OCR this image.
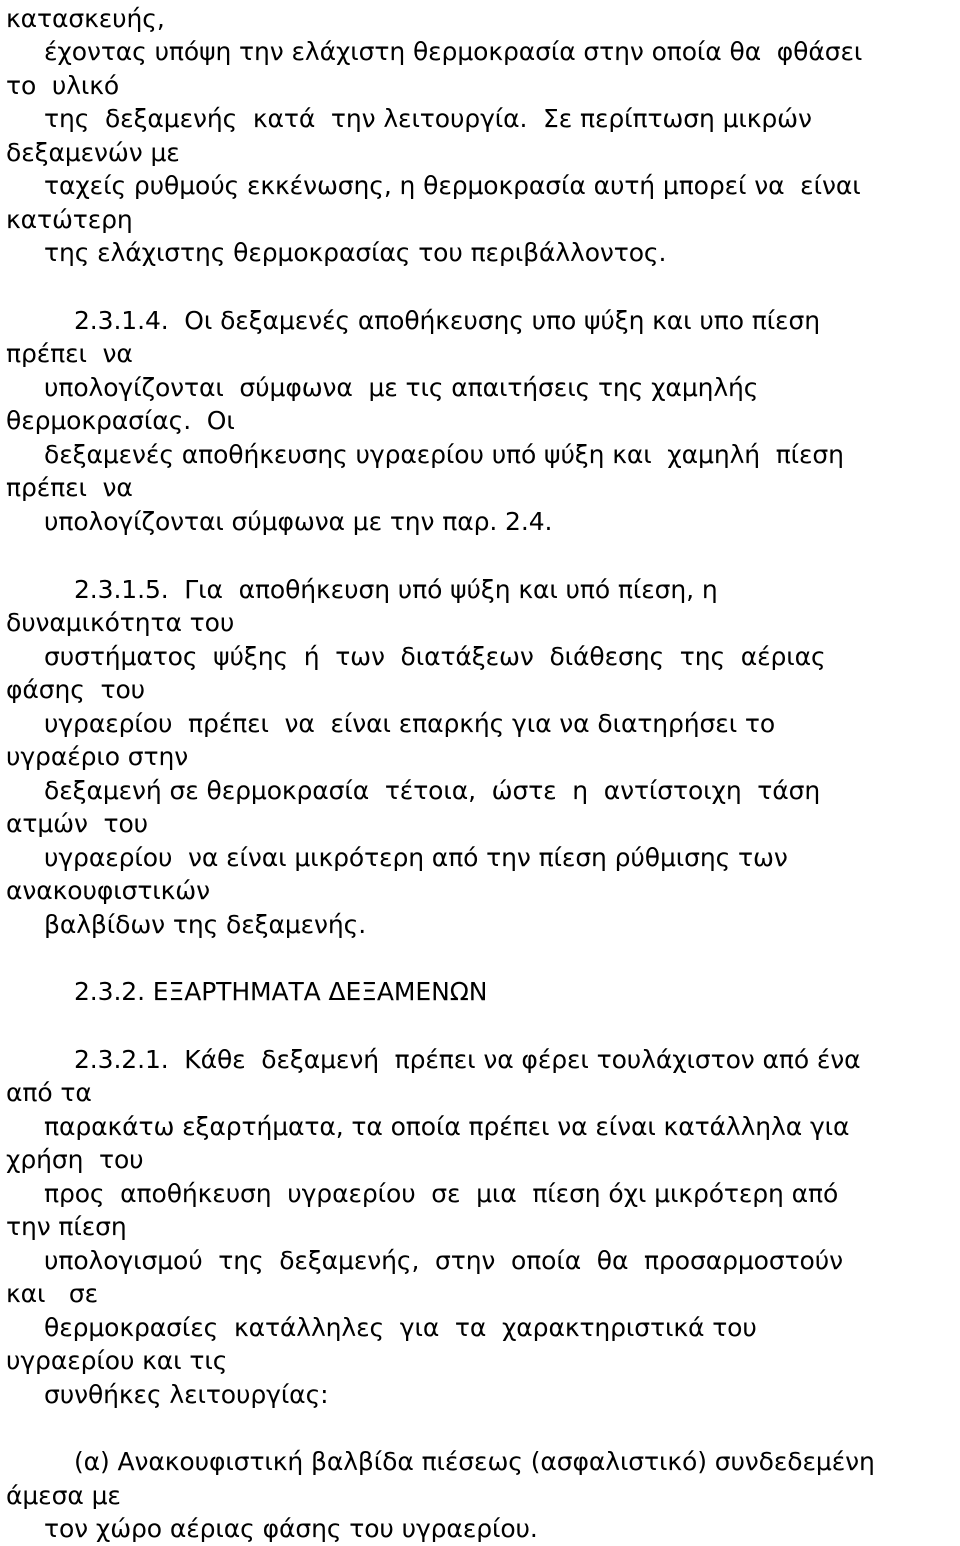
κατασκευής,
έχοντας υπόψη την ελάχιστη θερμοκρασία στην οποία θα  φθάσει
το  υλικό
της  δεξαμενής  κατά  την λειτουργία.  Σε περίπτωση μικρών
δεξαμενών με
ταχείς ρυθμούς εκκένωσης, η θερμοκρασία αυτή μπορεί να  είναι
κατώτερη
της ελάχιστης θερμοκρασίας του περιβάλλοντος.
2.3.1.4.  Οι δεξαμενές αποθήκευσης υπο ψύξη και υπο πίεση
πρέπει  να
υπολογίζονται  σύμφωνα  με τις απαιτήσεις της χαμηλής
θερμοκρασίας.  Οι
δεξαμενές αποθήκευσης υγραερίου υπό ψύξη και  χαμηλή  πίεση
πρέπει  να
υπολογίζονται σύμφωνα με την παρ. 2.4.
2.3.1.5.  Για  αποθήκευση υπό ψύξη και υπό πίεση, η
δυναμικότητα του
συστήματος  ψύξης  ή  των  διατάξεων  διάθεσης  της  αέριας
φάσης  του
υγραερίου  πρέπει  να  είναι επαρκής για να διατηρήσει το
υγραέριο στην
δεξαμενή σε θερμοκρασία  τέτοια,  ώστε  η  αντίστοιχη  τάση
ατμών  του
υγραερίου  να είναι μικρότερη από την πίεση ρύθμισης των
ανακουφιστικών
βαλβίδων της δεξαμενής.
2.3.2. ΕΞΑΡΤΗΜΑΤΑ ΔΕΞΑΜΕΝΩΝ
2.3.2.1.  Κάθε  δεξαμενή  πρέπει να φέρει τουλάχιστον από ένα
από τα
παρακάτω εξαρτήματα, τα οποία πρέπει να είναι κατάλληλα για
χρήση  του
προς  αποθήκευση  υγραερίου  σε  μια  πίεση όχι μικρότερη από
την πίεση
υπολογισμού  της  δεξαμενής,  στην  οποία  θα  προσαρμοστούν
και   σε
θερμοκρασίες  κατάλληλες  για  τα  χαρακτηριστικά του
υγραερίου και τις
συνθήκες λειτουργίας:
(α) Ανακουφιστική βαλβίδα πιέσεως (ασφαλιστικό) συνδεδεμένη
άμεσα με
τον χώρο αέριας φάσης του υγραερίου.
